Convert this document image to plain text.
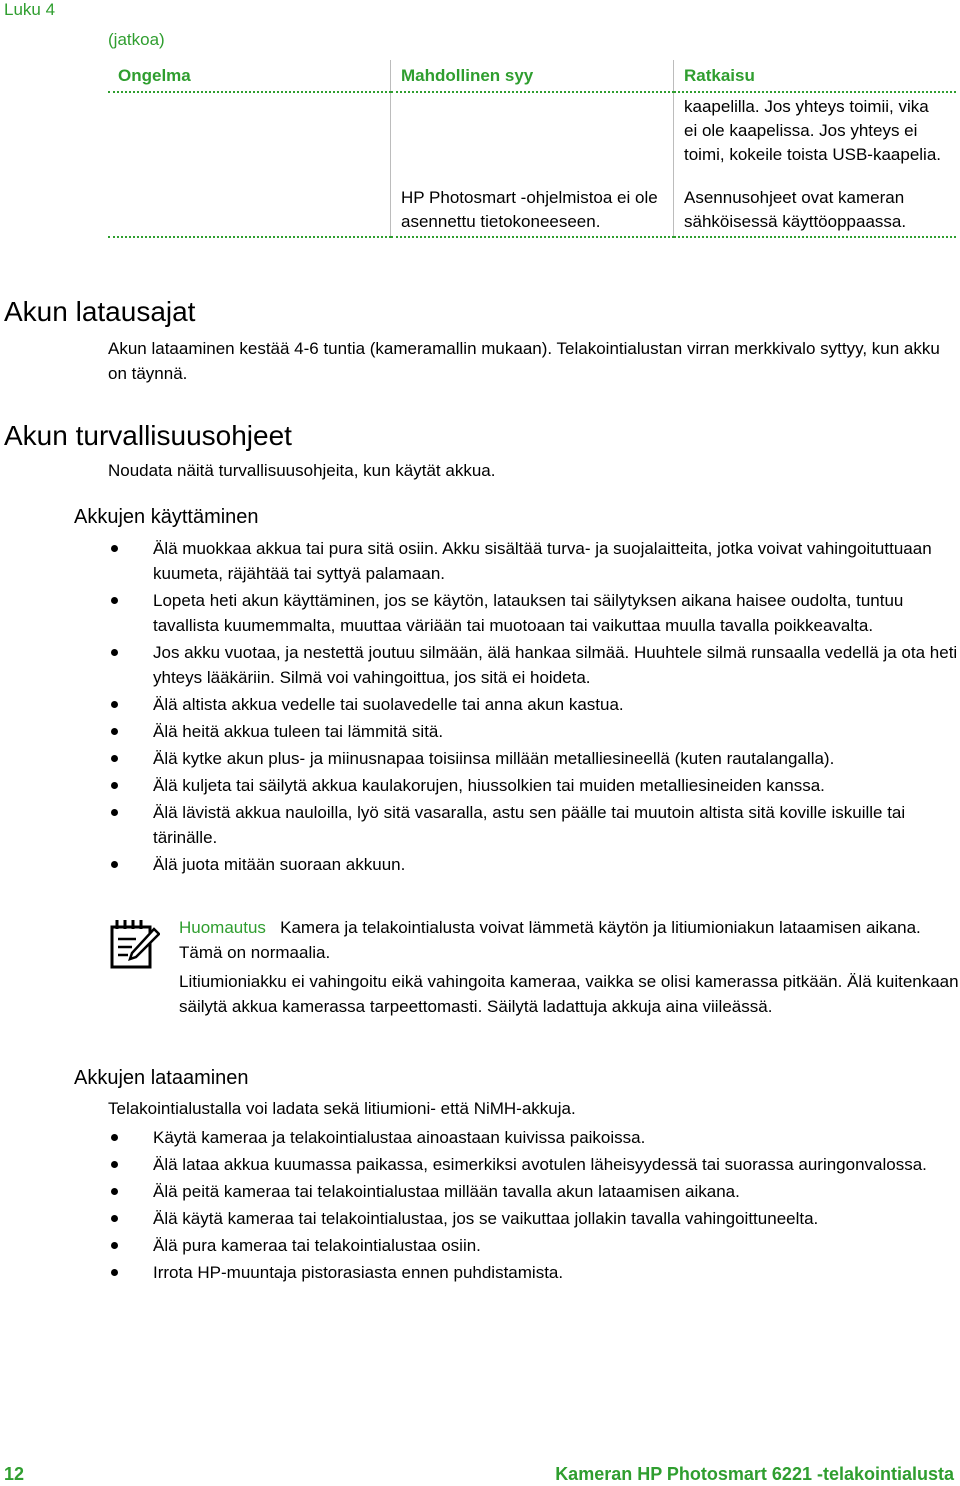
Luku 4
(jatkoa)
Ongelma	Mahdollinen syy	Ratkaisu
		kaapelilla. Jos yhteys toimii, vika ei ole kaapelissa. Jos yhteys ei toimi, kokeile toista USB-kaapelia.
	HP Photosmart -ohjelmistoa ei ole asennettu tietokoneeseen.	Asennusohjeet ovat kameran sähköisessä käyttöoppaassa.
Akun latausajat

Akun lataaminen kestää 4-6 tuntia (kameramallin mukaan). Telakointialustan virran merkkivalo syttyy, kun akku on täynnä.

Akun turvallisuusohjeet

Noudata näitä turvallisuusohjeita, kun käytät akkua.

Akkujen käyttäminen
Älä muokkaa akkua tai pura sitä osiin. Akku sisältää turva- ja suojalaitteita, jotka voivat vahingoituttuaan kuumeta, räjähtää tai syttyä palamaan.
Lopeta heti akun käyttäminen, jos se käytön, latauksen tai säilytyksen aikana haisee oudolta, tuntuu tavallista kuumemmalta, muuttaa väriään tai muotoaan tai vaikuttaa muulla tavalla poikkeavalta.
Jos akku vuotaa, ja nestettä joutuu silmään, älä hankaa silmää. Huuhtele silmä runsaalla vedellä ja ota heti yhteys lääkäriin. Silmä voi vahingoittua, jos sitä ei hoideta.
Älä altista akkua vedelle tai suolavedelle tai anna akun kastua.
Älä heitä akkua tuleen tai lämmitä sitä.
Älä kytke akun plus- ja miinusnapaa toisiinsa millään metalliesineellä (kuten rautalangalla).
Älä kuljeta tai säilytä akkua kaulakorujen, hiussolkien tai muiden metalliesineiden kanssa.
Älä lävistä akkua nauloilla, lyö sitä vasaralla, astu sen päälle tai muutoin altista sitä koville iskuille tai tärinälle.
Älä juota mitään suoraan akkuun.

Huomautus Kamera ja telakointialusta voivat lämmetä käytön ja litiumioniakun lataamisen aikana. Tämä on normaalia.

Litiumioniakku ei vahingoitu eikä vahingoita kameraa, vaikka se olisi kamerassa pitkään. Älä kuitenkaan säilytä akkua kamerassa tarpeettomasti. Säilytä ladattuja akkuja aina viileässä.

Akkujen lataaminen

Telakointialustalla voi ladata sekä litiumioni- että NiMH-akkuja.

Käytä kameraa ja telakointialustaa ainoastaan kuivissa paikoissa.
Älä lataa akkua kuumassa paikassa, esimerkiksi avotulen läheisyydessä tai suorassa auringonvalossa.
Älä peitä kameraa tai telakointialustaa millään tavalla akun lataamisen aikana.
Älä käytä kameraa tai telakointialustaa, jos se vaikuttaa jollakin tavalla vahingoittuneelta.
Älä pura kameraa tai telakointialustaa osiin.
Irrota HP-muuntaja pistorasiasta ennen puhdistamista.
12	Kameran HP Photosmart 6221 -telakointialusta
